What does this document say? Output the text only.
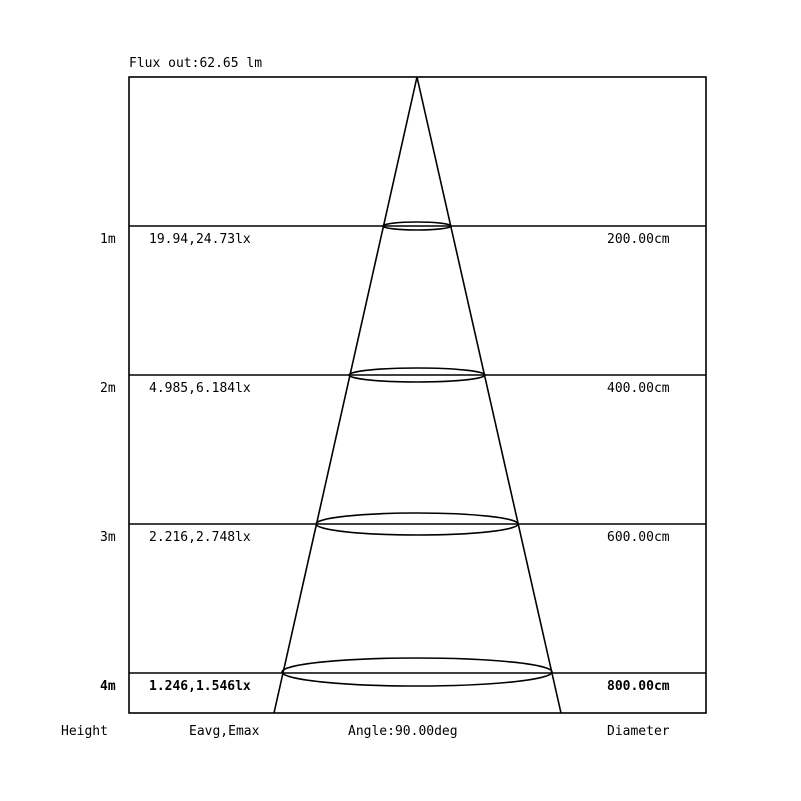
Flux out:62.65 lm
1m	19.94,24.73lx	200.00cm
2m	4.985,6.184lx	400.00cm
3m	2.216,2.748lx	600.00cm
4m	1.246,1.546lx	800.00cm
Height	Eavg,Emax	Angle:90.00deg	Diameter
